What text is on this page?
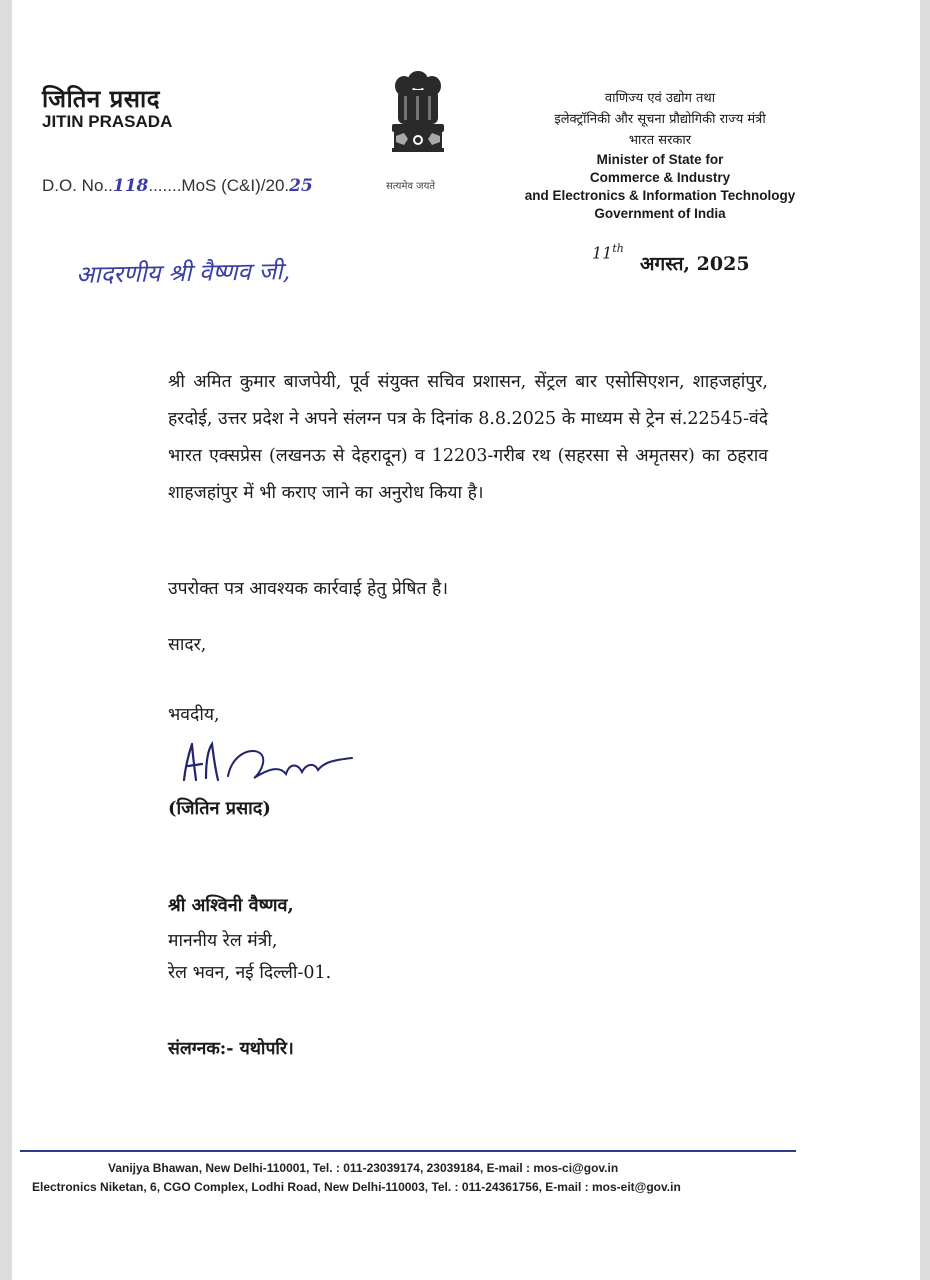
जितिन प्रसाद
JITIN PRASADA
D.O. No..118.......MoS (C&I)/20.25	सत्यमेव जयते
वाणिज्य एवं उद्योग तथा
इलेक्ट्रॉनिकी और सूचना प्रौद्योगिकी राज्य मंत्री
भारत सरकार
Minister of State for
Commerce & Industry
and Electronics & Information Technology
Government of India
आदरणीय श्री वैष्णव जी,
11th
अगस्त, 2025
श्री अमित कुमार बाजपेयी, पूर्व संयुक्त सचिव प्रशासन, सेंट्रल बार एसोसिएशन, शाहजहांपुर, हरदोई, उत्तर प्रदेश ने अपने संलग्न पत्र के दिनांक 8.8.2025 के माध्यम से ट्रेन सं.22545-वंदे भारत एक्सप्रेस (लखनऊ से देहरादून) व 12203-गरीब रथ (सहरसा से अमृतसर) का ठहराव शाहजहांपुर में भी कराए जाने का अनुरोध किया है।
उपरोक्त पत्र आवश्यक कार्रवाई हेतु प्रेषित है।
सादर,
भवदीय,
(जितिन प्रसाद)
श्री अश्विनी वैष्णव,
माननीय रेल मंत्री,
रेल भवन, नई दिल्ली-01.
संलग्नक:- यथोपरि।
Vanijya Bhawan, New Delhi-110001, Tel. : 011-23039174, 23039184, E-mail : mos-ci@gov.in
Electronics Niketan, 6, CGO Complex, Lodhi Road, New Delhi-110003, Tel. : 011-24361756, E-mail : mos-eit@gov.in
